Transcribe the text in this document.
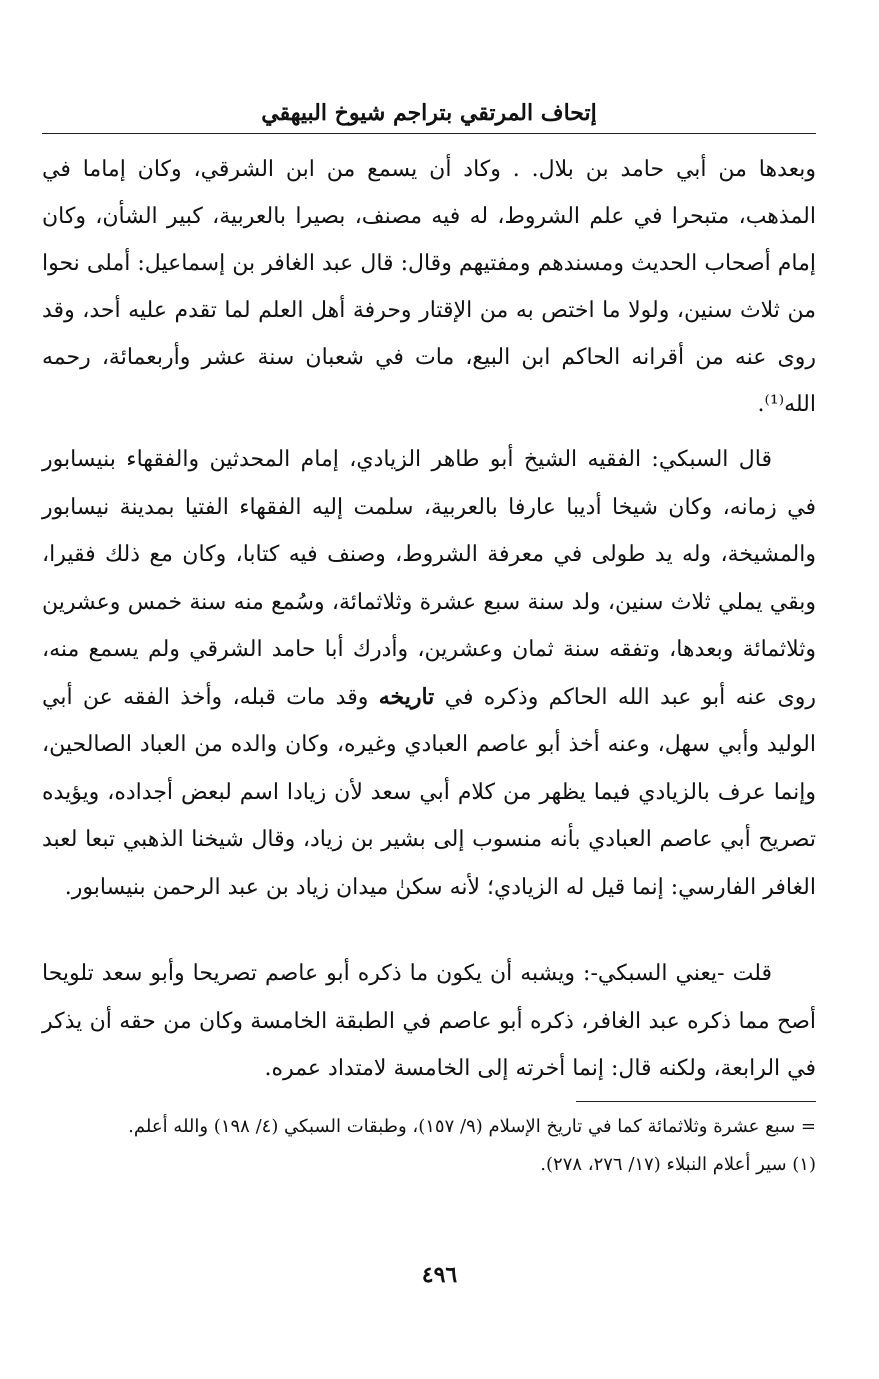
إتحاف المرتقي بتراجم شيوخ البيهقي

وبعدها من أبي حامد بن بلال. . وكاد أن يسمع من ابن الشرقي، وكان إماما في المذهب، متبحرا في علم الشروط، له فيه مصنف، بصيرا بالعربية، كبير الشأن، وكان إمام أصحاب الحديث ومسندهم ومفتيهم وقال: قال عبد الغافر بن إسماعيل: أملى نحوا من ثلاث سنين، ولولا ما اختص به من الإقتار وحرفة أهل العلم لما تقدم عليه أحد، وقد روى عنه من أقرانه الحاكم ابن البيع، مات في شعبان سنة عشر وأربعمائة، رحمه الله⁽¹⁾.

قال السبكي: الفقيه الشيخ أبو طاهر الزيادي، إمام المحدثين والفقهاء بنيسابور في زمانه، وكان شيخا أديبا عارفا بالعربية، سلمت إليه الفقهاء الفتيا بمدينة نيسابور والمشيخة، وله يد طولى في معرفة الشروط، وصنف فيه كتابا، وكان مع ذلك فقيرا، وبقي يملي ثلاث سنين، ولد سنة سبع عشرة وثلاثمائة، وسُمع منه سنة خمس وعشرين وثلاثمائة وبعدها، وتفقه سنة ثمان وعشرين، وأدرك أبا حامد الشرقي ولم يسمع منه، روى عنه أبو عبد الله الحاكم وذكره في تاريخه وقد مات قبله، وأخذ الفقه عن أبي الوليد وأبي سهل، وعنه أخذ أبو عاصم العبادي وغيره، وكان والده من العباد الصالحين، وإنما عرف بالزيادي فيما يظهر من كلام أبي سعد لأن زيادا اسم لبعض أجداده، ويؤيده تصريح أبي عاصم العبادي بأنه منسوب إلى بشير بن زياد، وقال شيخنا الذهبي تبعا لعبد الغافر الفارسي: إنما قيل له الزيادي؛ لأنه سكنٰ ميدان زياد بن عبد الرحمن بنيسابور.

قلت -يعني السبكي-: ويشبه أن يكون ما ذكره أبو عاصم تصريحا وأبو سعد تلويحا أصح مما ذكره عبد الغافر، ذكره أبو عاصم في الطبقة الخامسة وكان من حقه أن يذكر في الرابعة، ولكنه قال: إنما أخرته إلى الخامسة لامتداد عمره.

= سبع عشرة وثلاثمائة كما في تاريخ الإسلام (٩/ ١٥٧)، وطبقات السبكي (٤/ ١٩٨) والله أعلم.

(١) سير أعلام النبلاء (١٧/ ٢٧٦، ٢٧٨).

٤٩٦
